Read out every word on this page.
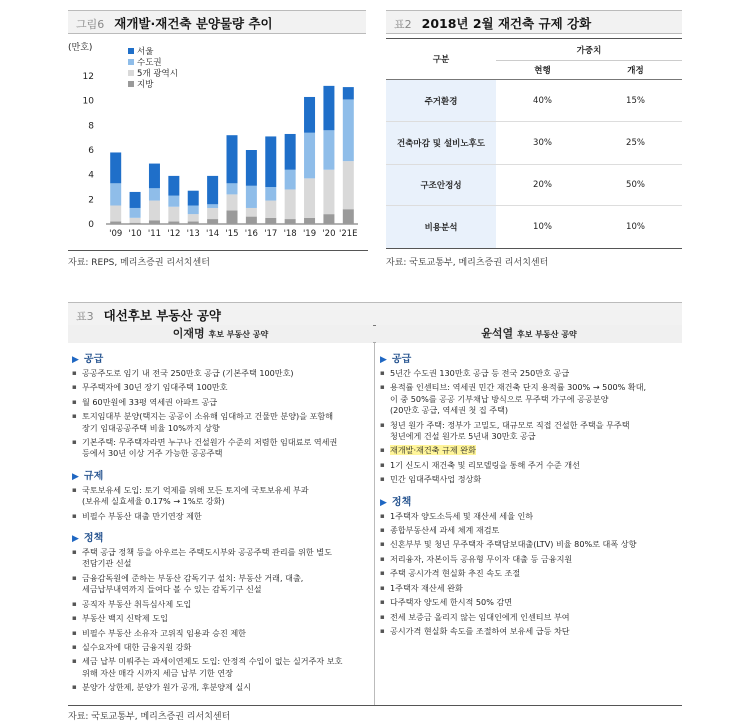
그림6 재개발·재건축 분양물량 추이
(만호)
0
2
4
6
8
10
12
'09 '10 '11 '12 '13 '14 '15 '16 '17 '18 '19 '20 '21E
서울
수도권
5개 광역시
지방
자료: REPS, 메리츠증권 리서치센터
표2 2018년 2월 재건축 규제 강화
구분	가중치	
	현행	개정
주거환경	40%	15%
건축마감 및 설비노후도	30%	25%
구조안정성	20%	50%
비용분석	10%	10%
자료: 국토교통부, 메리츠증권 리서치센터
표3 대선후보 부동산 공약
이재명 후보 부동산 공약	윤석열 후보 부동산 공약
▶ 공급
▪ 공공주도로 임기 내 전국 250만호 공급 (기본주택 100만호)
▪ 무주택자에 30년 장기 임대주택 100만호
▪ 월 60만원에 33평 역세권 아파트 공급
▪ 토지임대부 분양(택지는 공공이 소유해 임대하고 건물만 분양)을 포함해
장기 임대공공주택 비율 10%까지 상향
▪ 기본주택: 무주택자라면 누구나 건설원가 수준의 저렴한 임대료로 역세권
등에서 30년 이상 거주 가능한 공공주택
▶ 규제
▪ 국토보유세 도입: 토기 억제를 위해 모든 토지에 국토보유세 부과
(보유세 실효세율 0.17% → 1%로 강화)
▪ 비필수 부동산 대출 만기연장 제한
▶ 정책
▪ 주택 공급 정책 등을 아우르는 주택도시부와 공공주택 관리를 위한 별도
전담기관 신설
▪ 금융감독원에 준하는 부동산 감독기구 설치: 부동산 거래, 대출,
세금납부내역까지 들여다 볼 수 있는 감독기구 신설
▪ 공직자 부동산 취득심사제 도입
▪ 부동산 백지 신탁제 도입
▪ 비필수 부동산 소유자 고위직 임용과 승진 제한
▪ 실수요자에 대한 금융지원 강화
▪ 세금 납부 미뤄주는 과세이연제도 도입: 안정적 수입이 없는 실거주자 보호
위해 자산 매각 시까지 세금 납부 기한 연장
▪ 분양가 상한제, 분양가 원가 공개, 후분양제 실시
▶ 공급
▪ 5년간 수도권 130만호 공급 등 전국 250만호 공급
▪ 용적률 인센티브: 역세권 민간 재건축 단지 용적률 300% → 500% 확대,
이 중 50%를 공공 기부채납 방식으로 무주택 가구에 공공분양
(20만호 공급, 역세권 첫 집 주택)
▪ 청년 원가 주택: 정부가 고밀도, 대규모로 직접 건설한 주택을 무주택
청년에게 건설 원가로 5년내 30만호 공급
▪ 재개발·재건축 규제 완화
▪ 1기 신도시 재건축 및 리모델링을 통해 주거 수준 개선
▪ 민간 임대주택사업 정상화
▶ 정책
▪ 1주택자 양도소득세 및 재산세 세율 인하
▪ 종합부동산세 과세 체계 재검토
▪ 신혼부부 및 청년 무주택자 주택담보대출(LTV) 비율 80%로 대폭 상향
▪ 저리융자, 자본이득 공유형 무이자 대출 등 금융지원
▪ 주택 공시가격 현실화 추진 속도 조절
▪ 1주택자 재산세 완화
▪ 다주택자 양도세 한시적 50% 감면
▪ 전세 보증금 올리지 않는 임대인에게 인센티브 부여
▪ 공시가격 현실화 속도를 조절하여 보유세 급등 차단
자료: 국토교통부, 메리츠증권 리서치센터
